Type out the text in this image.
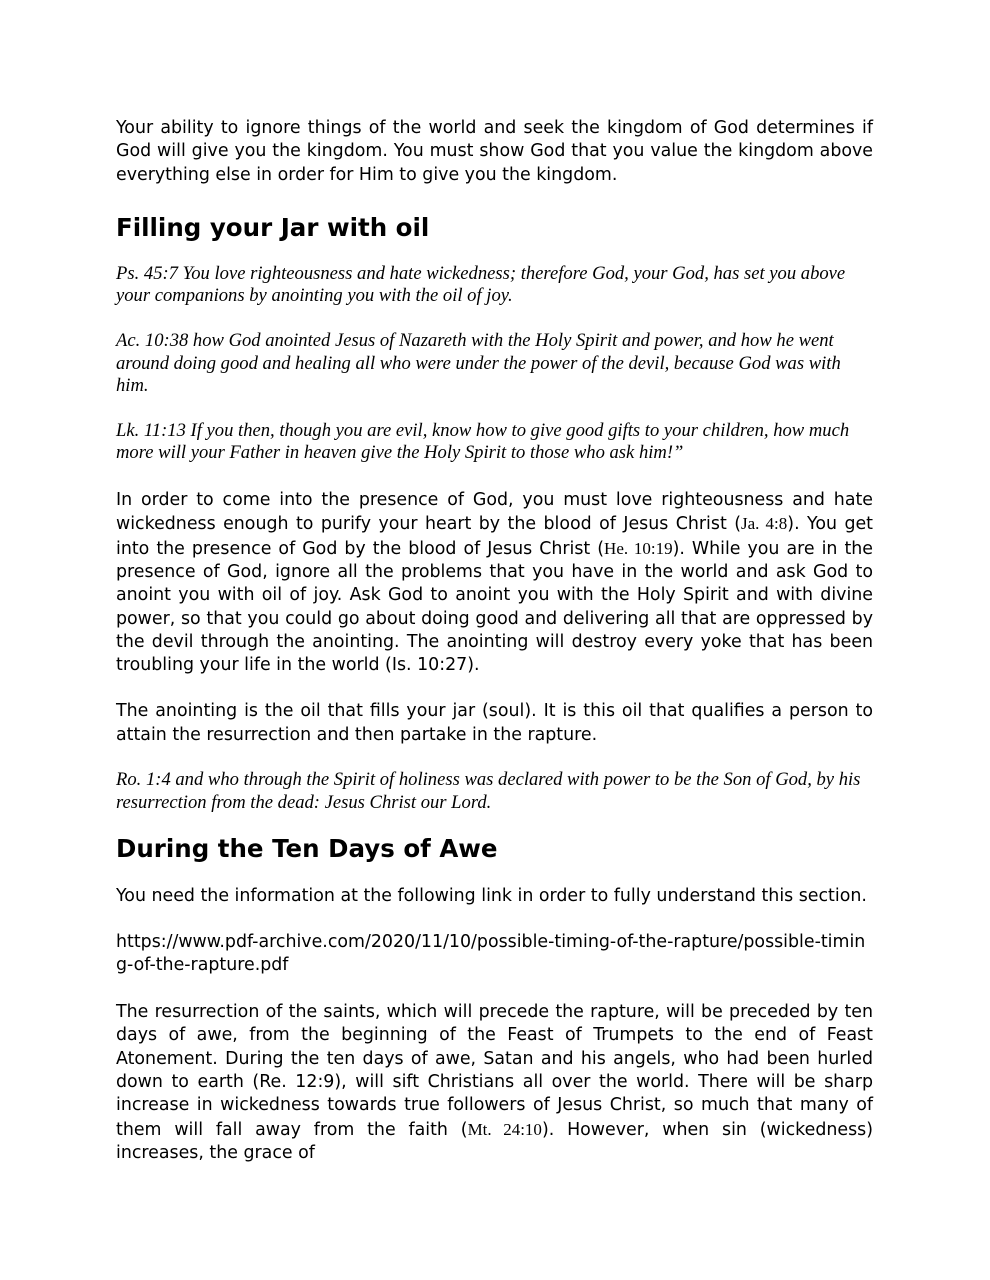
Your ability to ignore things of the world and seek the kingdom of God determines if God will give you the kingdom. You must show God that you value the kingdom above everything else in order for Him to give you the kingdom.

Filling your Jar with oil

Ps. 45:7 You love righteousness and hate wickedness; therefore God, your God, has set you above your companions by anointing you with the oil of joy.

Ac. 10:38 how God anointed Jesus of Nazareth with the Holy Spirit and power, and how he went around doing good and healing all who were under the power of the devil, because God was with him.

Lk. 11:13 If you then, though you are evil, know how to give good gifts to your children, how much more will your Father in heaven give the Holy Spirit to those who ask him!”

In order to come into the presence of God, you must love righteousness and hate wickedness enough to purify your heart by the blood of Jesus Christ (Ja. 4:8). You get into the presence of God by the blood of Jesus Christ (He. 10:19). While you are in the presence of God, ignore all the problems that you have in the world and ask God to anoint you with oil of joy. Ask God to anoint you with the Holy Spirit and with divine power, so that you could go about doing good and delivering all that are oppressed by the devil through the anointing. The anointing will destroy every yoke that has been troubling your life in the world (Is. 10:27).

The anointing is the oil that fills your jar (soul). It is this oil that qualifies a person to attain the resurrection and then partake in the rapture.

Ro. 1:4 and who through the Spirit of holiness was declared with power to be the Son of God, by his resurrection from the dead: Jesus Christ our Lord.

During the Ten Days of Awe

You need the information at the following link in order to fully understand this section.

https://www.pdf-archive.com/2020/11/10/possible-timing-of-the-rapture/possible-timing-of-the-rapture.pdf

The resurrection of the saints, which will precede the rapture, will be preceded by ten days of awe, from the beginning of the Feast of Trumpets to the end of Feast Atonement. During the ten days of awe, Satan and his angels, who had been hurled down to earth (Re. 12:9), will sift Christians all over the world. There will be sharp increase in wickedness towards true followers of Jesus Christ, so much that many of them will fall away from the faith (Mt. 24:10). However, when sin (wickedness) increases, the grace of
